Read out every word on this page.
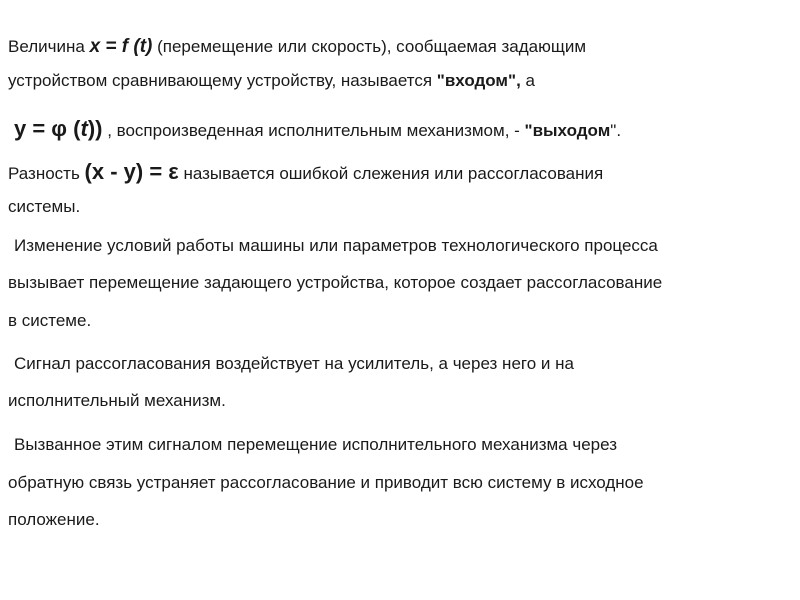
Величина x = f (t) (перемещение или скорость), сообщаемая задающим
устройством сравнивающему устройству, называется "входом", а
у = φ (t)) , воспроизведенная исполнительным механизмом, - "выходом".
Разность (x - y) = ε называется ошибкой слежения или рассогласования
системы.
Изменение условий работы машины или параметров технологического процесса
вызывает перемещение задающего устройства, которое создает рассогласование
в системе.
Сигнал рассогласования воздействует на усилитель, а через него и на
исполнительный механизм.
Вызванное этим сигналом перемещение исполнительного механизма через
обратную связь устраняет рассогласование и приводит всю систему в исходное
положение.
